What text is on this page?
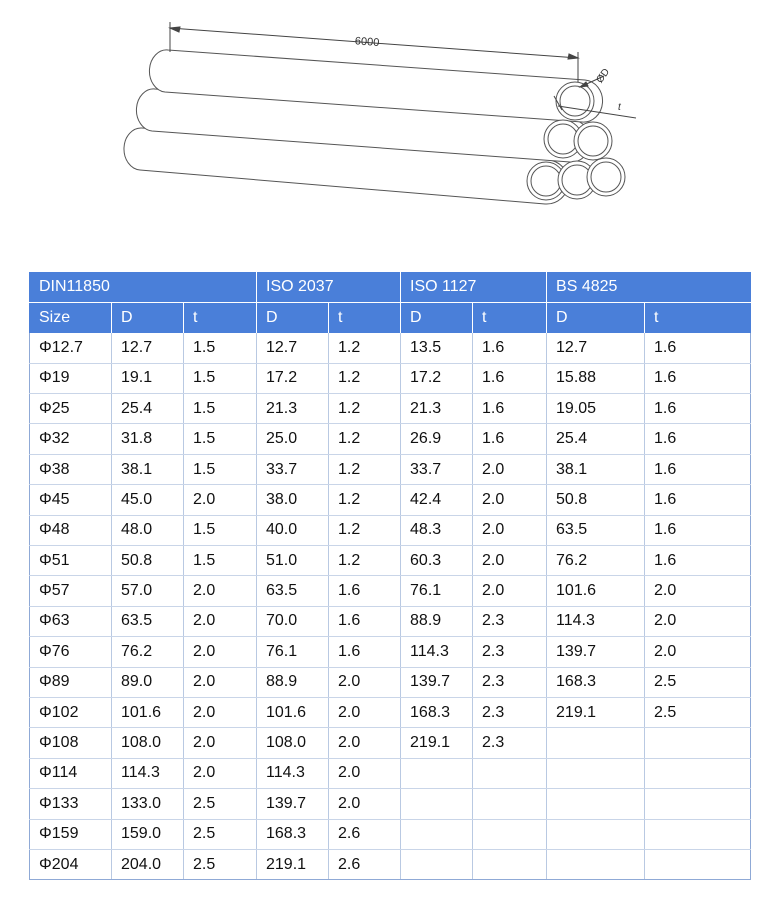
6000
ØD
t
DIN11850			ISO 2037		ISO 1127		BS 4825	
Size	D	t	D	t	D	t	D	t
Φ12.7	12.7	1.5	12.7	1.2	13.5	1.6	12.7	1.6
Φ19	19.1	1.5	17.2	1.2	17.2	1.6	15.88	1.6
Φ25	25.4	1.5	21.3	1.2	21.3	1.6	19.05	1.6
Φ32	31.8	1.5	25.0	1.2	26.9	1.6	25.4	1.6
Φ38	38.1	1.5	33.7	1.2	33.7	2.0	38.1	1.6
Φ45	45.0	2.0	38.0	1.2	42.4	2.0	50.8	1.6
Φ48	48.0	1.5	40.0	1.2	48.3	2.0	63.5	1.6
Φ51	50.8	1.5	51.0	1.2	60.3	2.0	76.2	1.6
Φ57	57.0	2.0	63.5	1.6	76.1	2.0	101.6	2.0
Φ63	63.5	2.0	70.0	1.6	88.9	2.3	114.3	2.0
Φ76	76.2	2.0	76.1	1.6	114.3	2.3	139.7	2.0
Φ89	89.0	2.0	88.9	2.0	139.7	2.3	168.3	2.5
Φ102	101.6	2.0	101.6	2.0	168.3	2.3	219.1	2.5
Φ108	108.0	2.0	108.0	2.0	219.1	2.3		
Φ114	114.3	2.0	114.3	2.0				
Φ133	133.0	2.5	139.7	2.0				
Φ159	159.0	2.5	168.3	2.6				
Φ204	204.0	2.5	219.1	2.6				
